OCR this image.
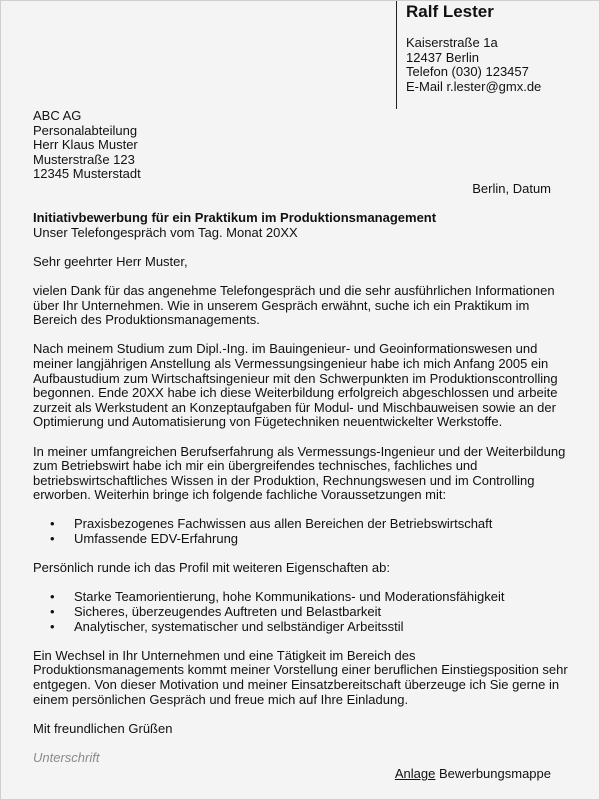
Ralf Lester
Kaiserstraße 1a
12437 Berlin
Telefon (030) 123457
E-Mail r.lester@gmx.de
ABC AG
Personalabteilung
Herr Klaus Muster
Musterstraße 123
12345 Musterstadt
Berlin, Datum
Initiativbewerbung für ein Praktikum im Produktionsmanagement
Unser Telefongespräch vom Tag. Monat 20XX
Sehr geehrter Herr Muster,
vielen Dank für das angenehme Telefongespräch und die sehr ausführlichen Informationen
über Ihr Unternehmen. Wie in unserem Gespräch erwähnt, suche ich ein Praktikum im
Bereich des Produktionsmanagements.
Nach meinem Studium zum Dipl.-Ing. im Bauingenieur- und Geoinformationswesen und
meiner langjährigen Anstellung als Vermessungsingenieur habe ich mich Anfang 2005 ein
Aufbaustudium zum Wirtschaftsingenieur mit den Schwerpunkten im Produktionscontrolling
begonnen. Ende 20XX habe ich diese Weiterbildung erfolgreich abgeschlossen und arbeite
zurzeit als Werkstudent an Konzeptaufgaben für Modul- und Mischbauweisen sowie an der
Optimierung und Automatisierung von Fügetechniken neuentwickelter Werkstoffe.
In meiner umfangreichen Berufserfahrung als Vermessungs-Ingenieur und der Weiterbildung
zum Betriebswirt habe ich mir ein übergreifendes technisches, fachliches und
betriebswirtschaftliches Wissen in der Produktion, Rechnungswesen und im Controlling
erworben. Weiterhin bringe ich folgende fachliche Voraussetzungen mit:
• Praxisbezogenes Fachwissen aus allen Bereichen der Betriebswirtschaft
• Umfassende EDV-Erfahrung
Persönlich runde ich das Profil mit weiteren Eigenschaften ab:
• Starke Teamorientierung, hohe Kommunikations- und Moderationsfähigkeit
• Sicheres, überzeugendes Auftreten und Belastbarkeit
• Analytischer, systematischer und selbständiger Arbeitsstil
Ein Wechsel in Ihr Unternehmen und eine Tätigkeit im Bereich des
Produktionsmanagements kommt meiner Vorstellung einer beruflichen Einstiegsposition sehr
entgegen. Von dieser Motivation und meiner Einsatzbereitschaft überzeuge ich Sie gerne in
einem persönlichen Gespräch und freue mich auf Ihre Einladung.
Mit freundlichen Grüßen
Unterschrift
Anlage Bewerbungsmappe
